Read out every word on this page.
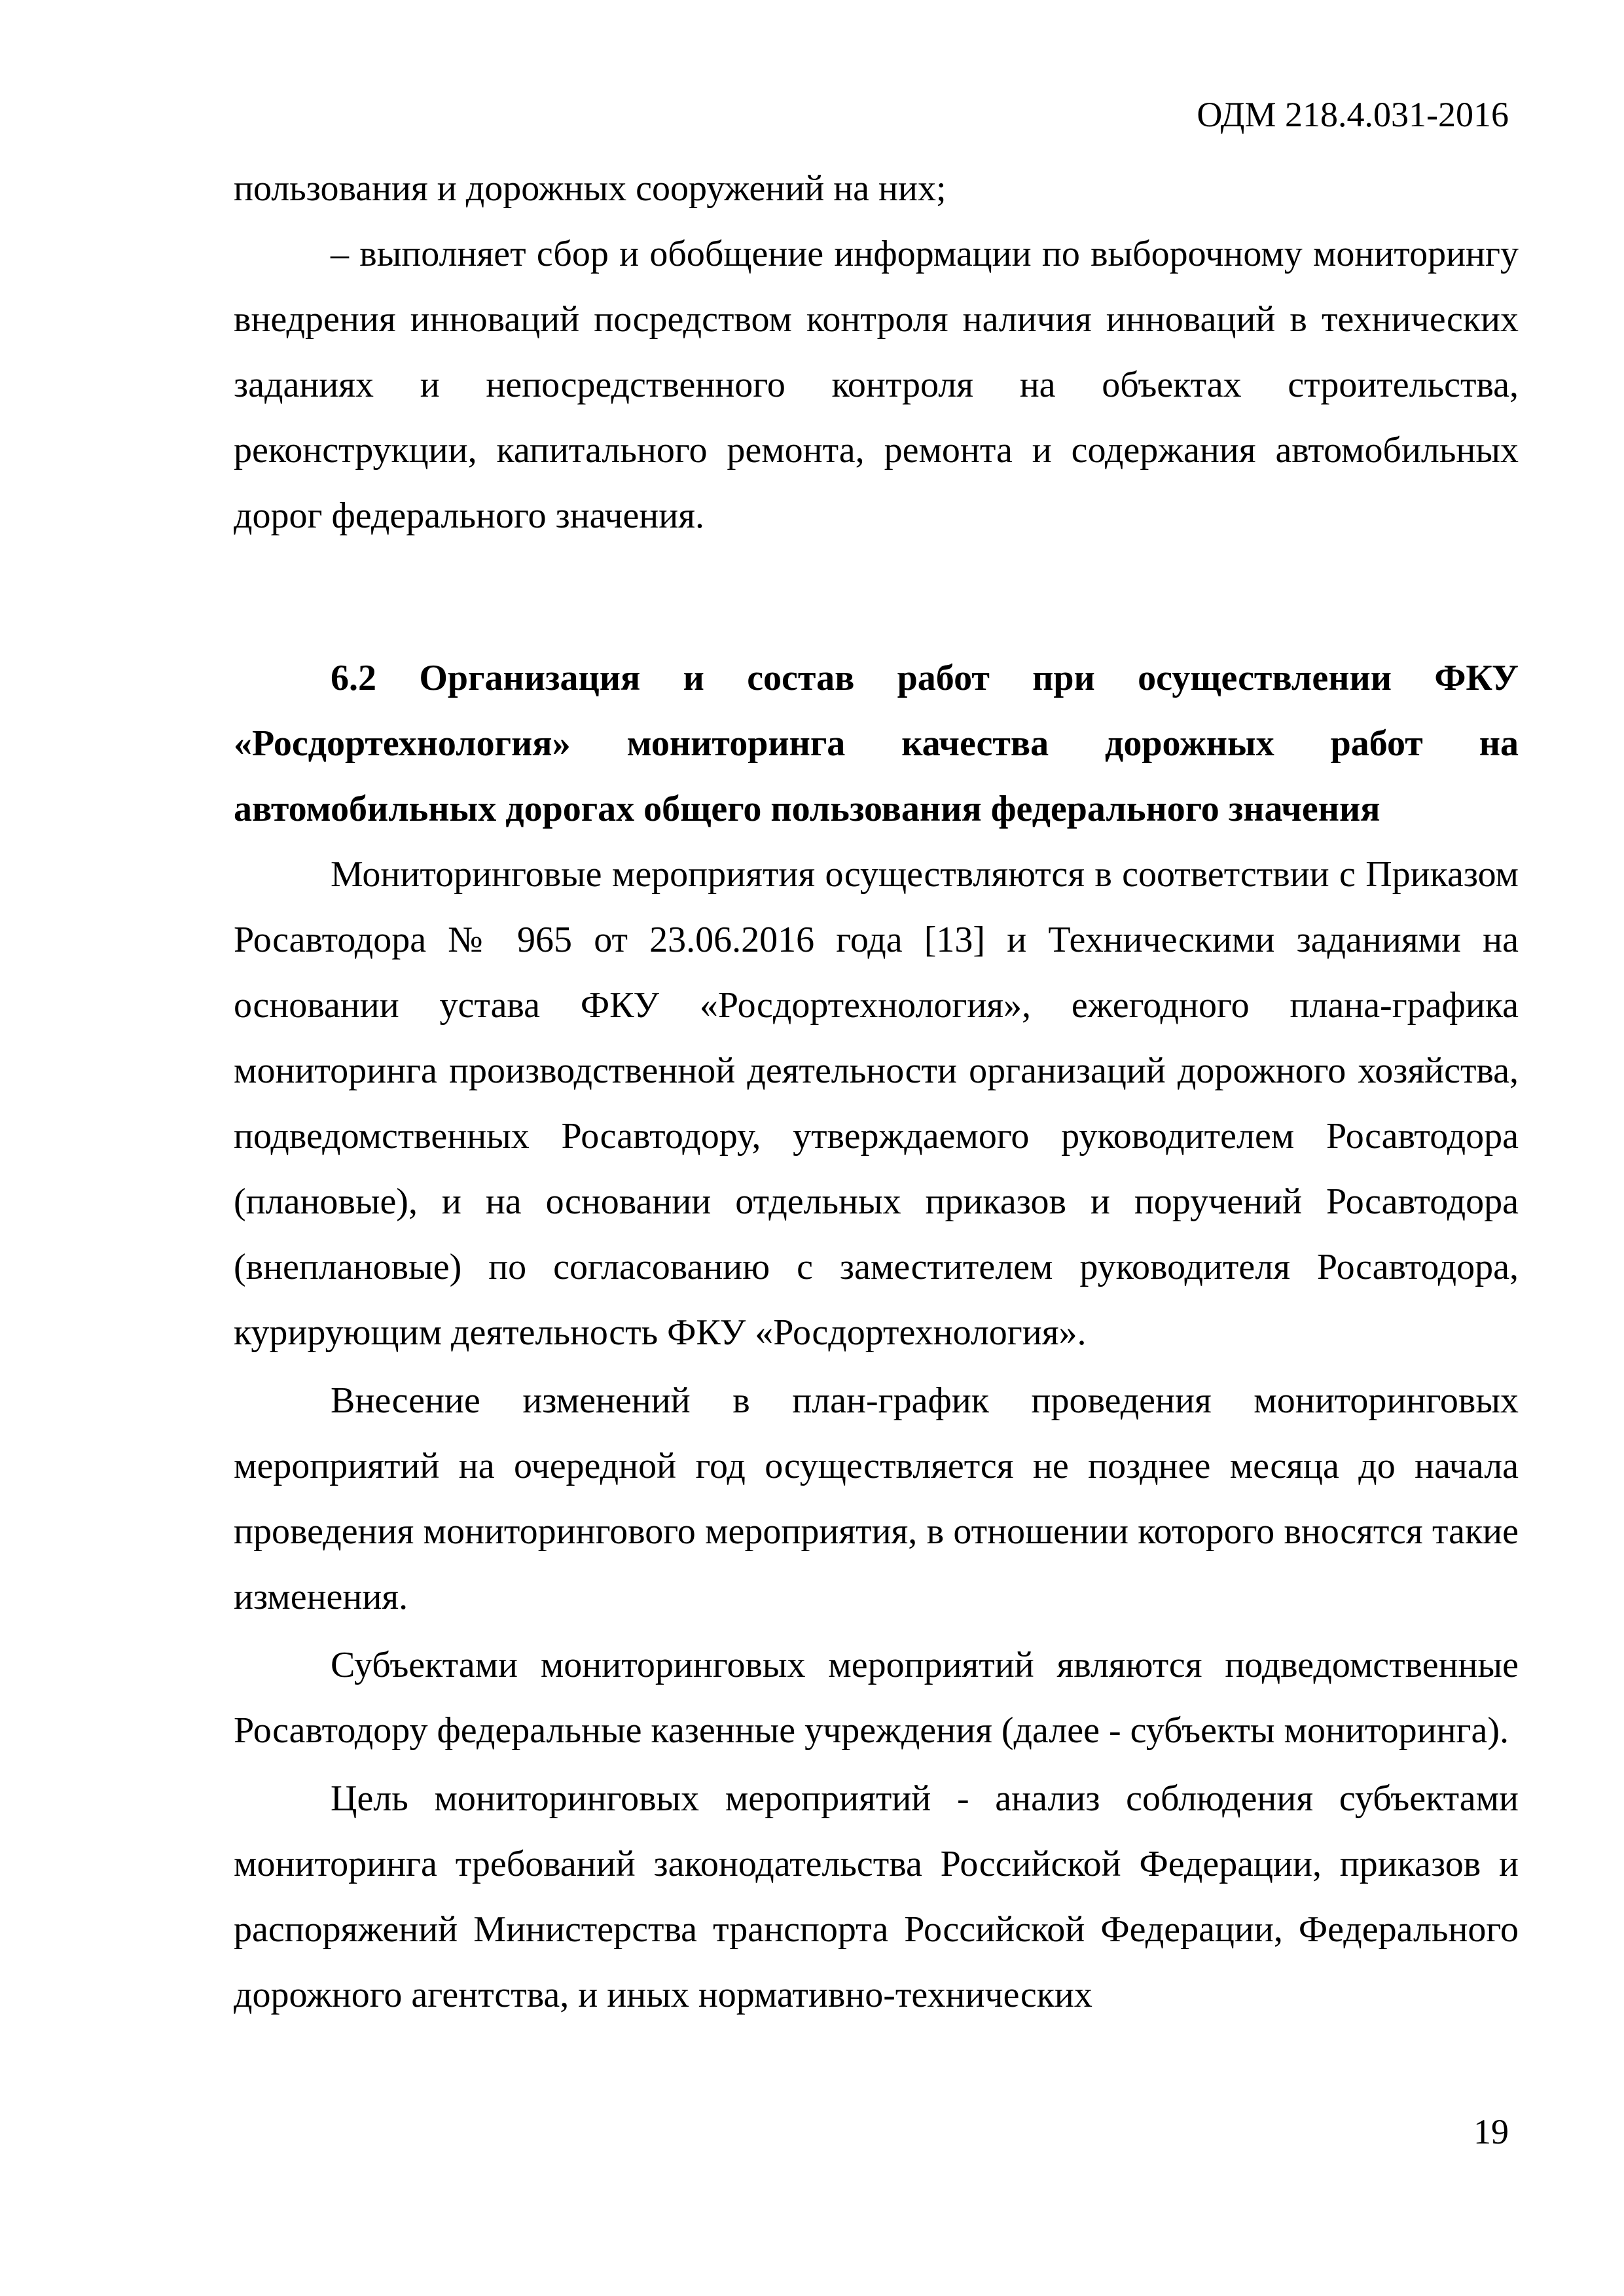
ОДМ 218.4.031-2016

пользования и дорожных сооружений на них;

– выполняет сбор и обобщение информации по выборочному мониторингу внедрения инноваций посредством контроля наличия инноваций в технических заданиях и непосредственного контроля на объектах строительства, реконструкции, капитального ремонта, ремонта и содержания автомобильных дорог федерального значения.

6.2 Организация и состав работ при осуществлении ФКУ «Росдортехнология» мониторинга качества дорожных работ на автомобильных дорогах общего пользования федерального значения

Мониторинговые мероприятия осуществляются в соответствии с Приказом Росавтодора № 965 от 23.06.2016 года [13] и Техническими заданиями на основании устава ФКУ «Росдортехнология», ежегодного плана-графика мониторинга производственной деятельности организаций дорожного хозяйства, подведомственных Росавтодору, утверждаемого руководителем Росавтодора (плановые), и на основании отдельных приказов и поручений Росавтодора (внеплановые) по согласованию с заместителем руководителя Росавтодора, курирующим деятельность ФКУ «Росдортехнология».

Внесение изменений в план-график проведения мониторинговых мероприятий на очередной год осуществляется не позднее месяца до начала проведения мониторингового мероприятия, в отношении которого вносятся такие изменения.

Субъектами мониторинговых мероприятий являются подведомственные Росавтодору федеральные казенные учреждения (далее - субъекты мониторинга).

Цель мониторинговых мероприятий - анализ соблюдения субъектами мониторинга требований законодательства Российской Федерации, приказов и распоряжений Министерства транспорта Российской Федерации, Федерального дорожного агентства, и иных нормативно-технических

19
